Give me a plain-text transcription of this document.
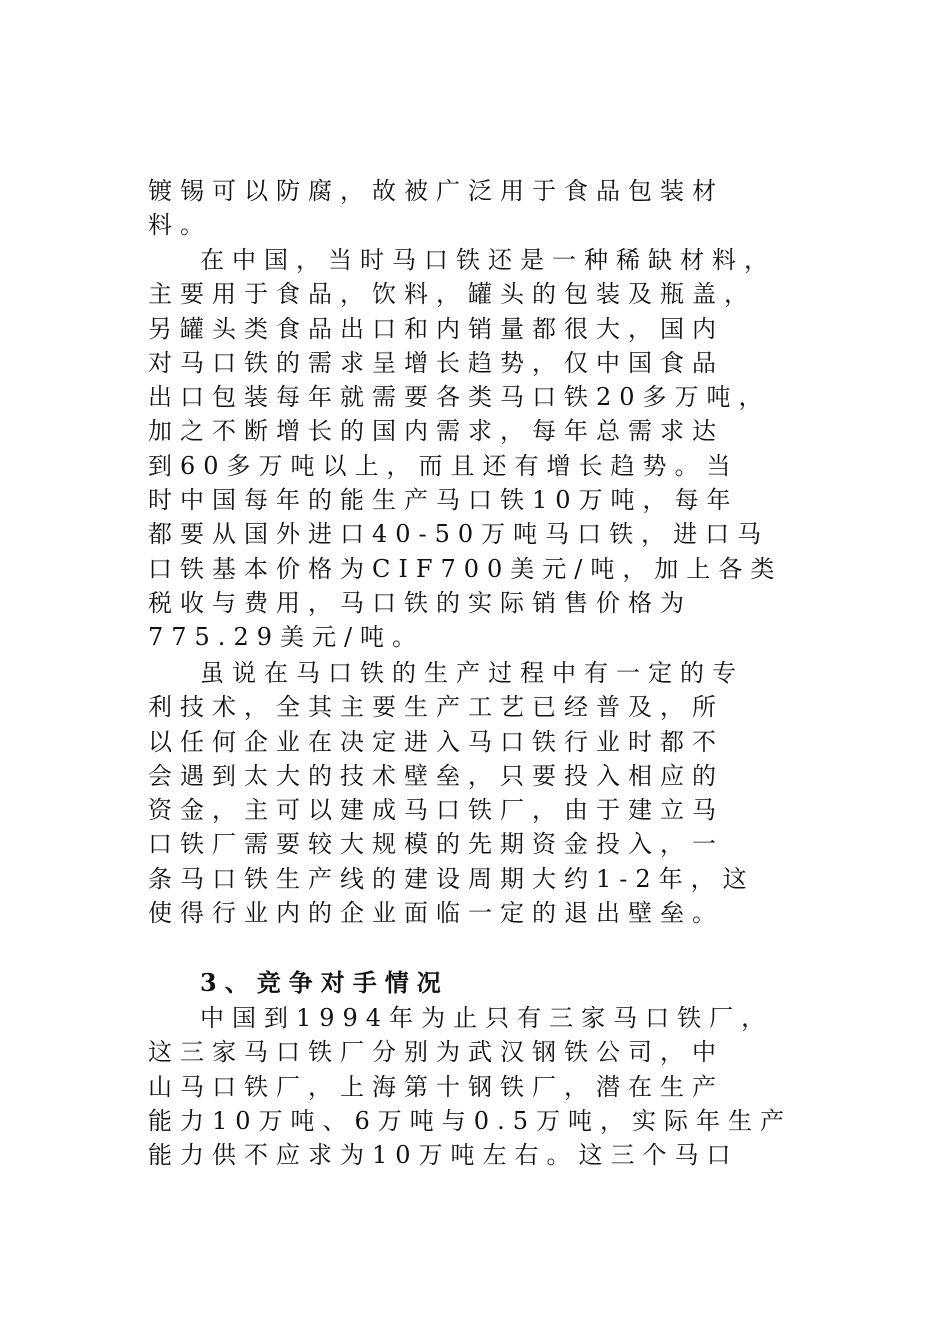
镀锡可以防腐，故被广泛用于食品包装材
料。
在中国，当时马口铁还是一种稀缺材料，
主要用于食品，饮料，罐头的包装及瓶盖，
另罐头类食品出口和内销量都很大，国内
对马口铁的需求呈增长趋势，仅中国食品
出口包装每年就需要各类马口铁20多万吨，
加之不断增长的国内需求，每年总需求达
到60多万吨以上，而且还有增长趋势。当
时中国每年的能生产马口铁10万吨，每年
都要从国外进口40-50万吨马口铁，进口马
口铁基本价格为CIF700美元/吨，加上各类
税收与费用，马口铁的实际销售价格为
775.29美元/吨。
虽说在马口铁的生产过程中有一定的专
利技术，全其主要生产工艺已经普及，所
以任何企业在决定进入马口铁行业时都不
会遇到太大的技术壁垒，只要投入相应的
资金，主可以建成马口铁厂，由于建立马
口铁厂需要较大规模的先期资金投入，一
条马口铁生产线的建设周期大约1-2年，这
使得行业内的企业面临一定的退出壁垒。
3、竞争对手情况
中国到1994年为止只有三家马口铁厂，
这三家马口铁厂分别为武汉钢铁公司，中
山马口铁厂，上海第十钢铁厂，潜在生产
能力10万吨、6万吨与0.5万吨，实际年生产
能力供不应求为10万吨左右。这三个马口
